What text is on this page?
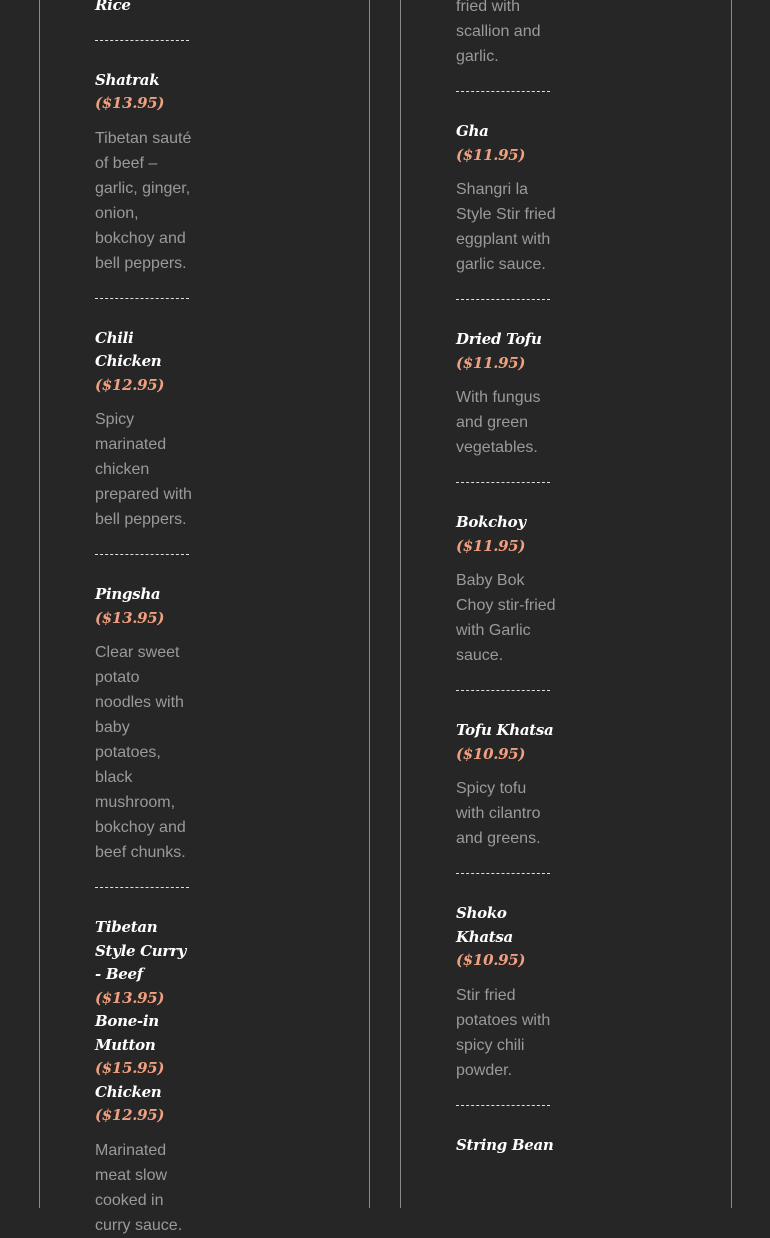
Rice

Shatrak ($13.95)

Tibetan sauté of beef – garlic, ginger, onion, bokchoy and bell peppers.

Chili Chicken ($12.95)

Spicy marinated chicken prepared with bell peppers.

Pingsha ($13.95)

Clear sweet potato noodles with baby potatoes, black mushroom, bokchoy and beef chunks.

Tibetan Style Curry - Beef ($13.95) Bone-in Mutton ($15.95) Chicken ($12.95)

Marinated meat slow cooked in curry sauce.

fried with scallion and garlic.

Gha ($11.95)

Shangri la Style Stir fried eggplant with garlic sauce.

Dried Tofu ($11.95)

With fungus and green vegetables.

Bokchoy ($11.95)

Baby Bok Choy stir-fried with Garlic sauce.

Tofu Khatsa ($10.95)

Spicy tofu with cilantro and greens.

Shoko Khatsa ($10.95)

Stir fried potatoes with spicy chili powder.

String Bean
